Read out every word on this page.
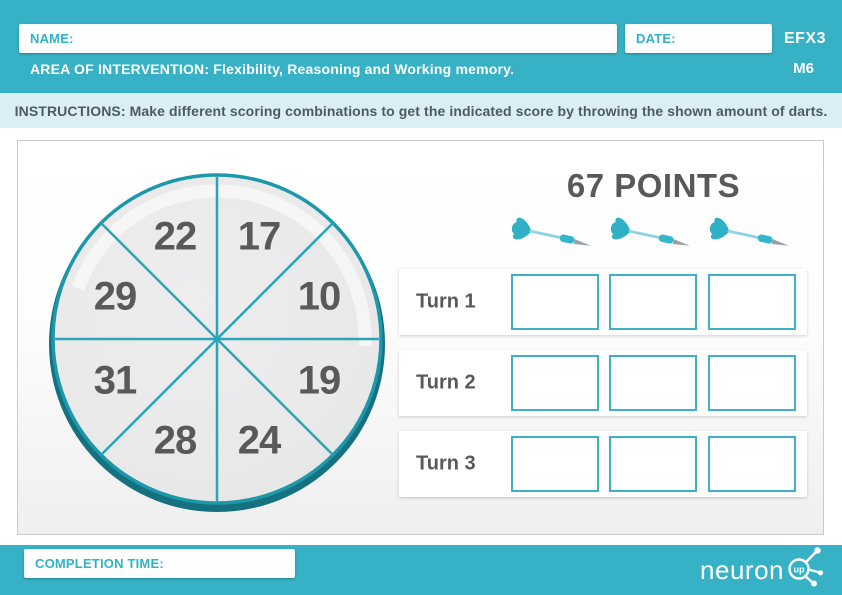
NAME:	DATE:	EFX3
AREA OF INTERVENTION: Flexibility, Reasoning and Working memory.	M6
INSTRUCTIONS: Make different scoring combinations to get the indicated score by throwing the shown amount of darts.
17
10
19
24
28
31
29
22
67 POINTS
Turn 1
Turn 2
Turn 3
COMPLETION TIME:	neuron up
